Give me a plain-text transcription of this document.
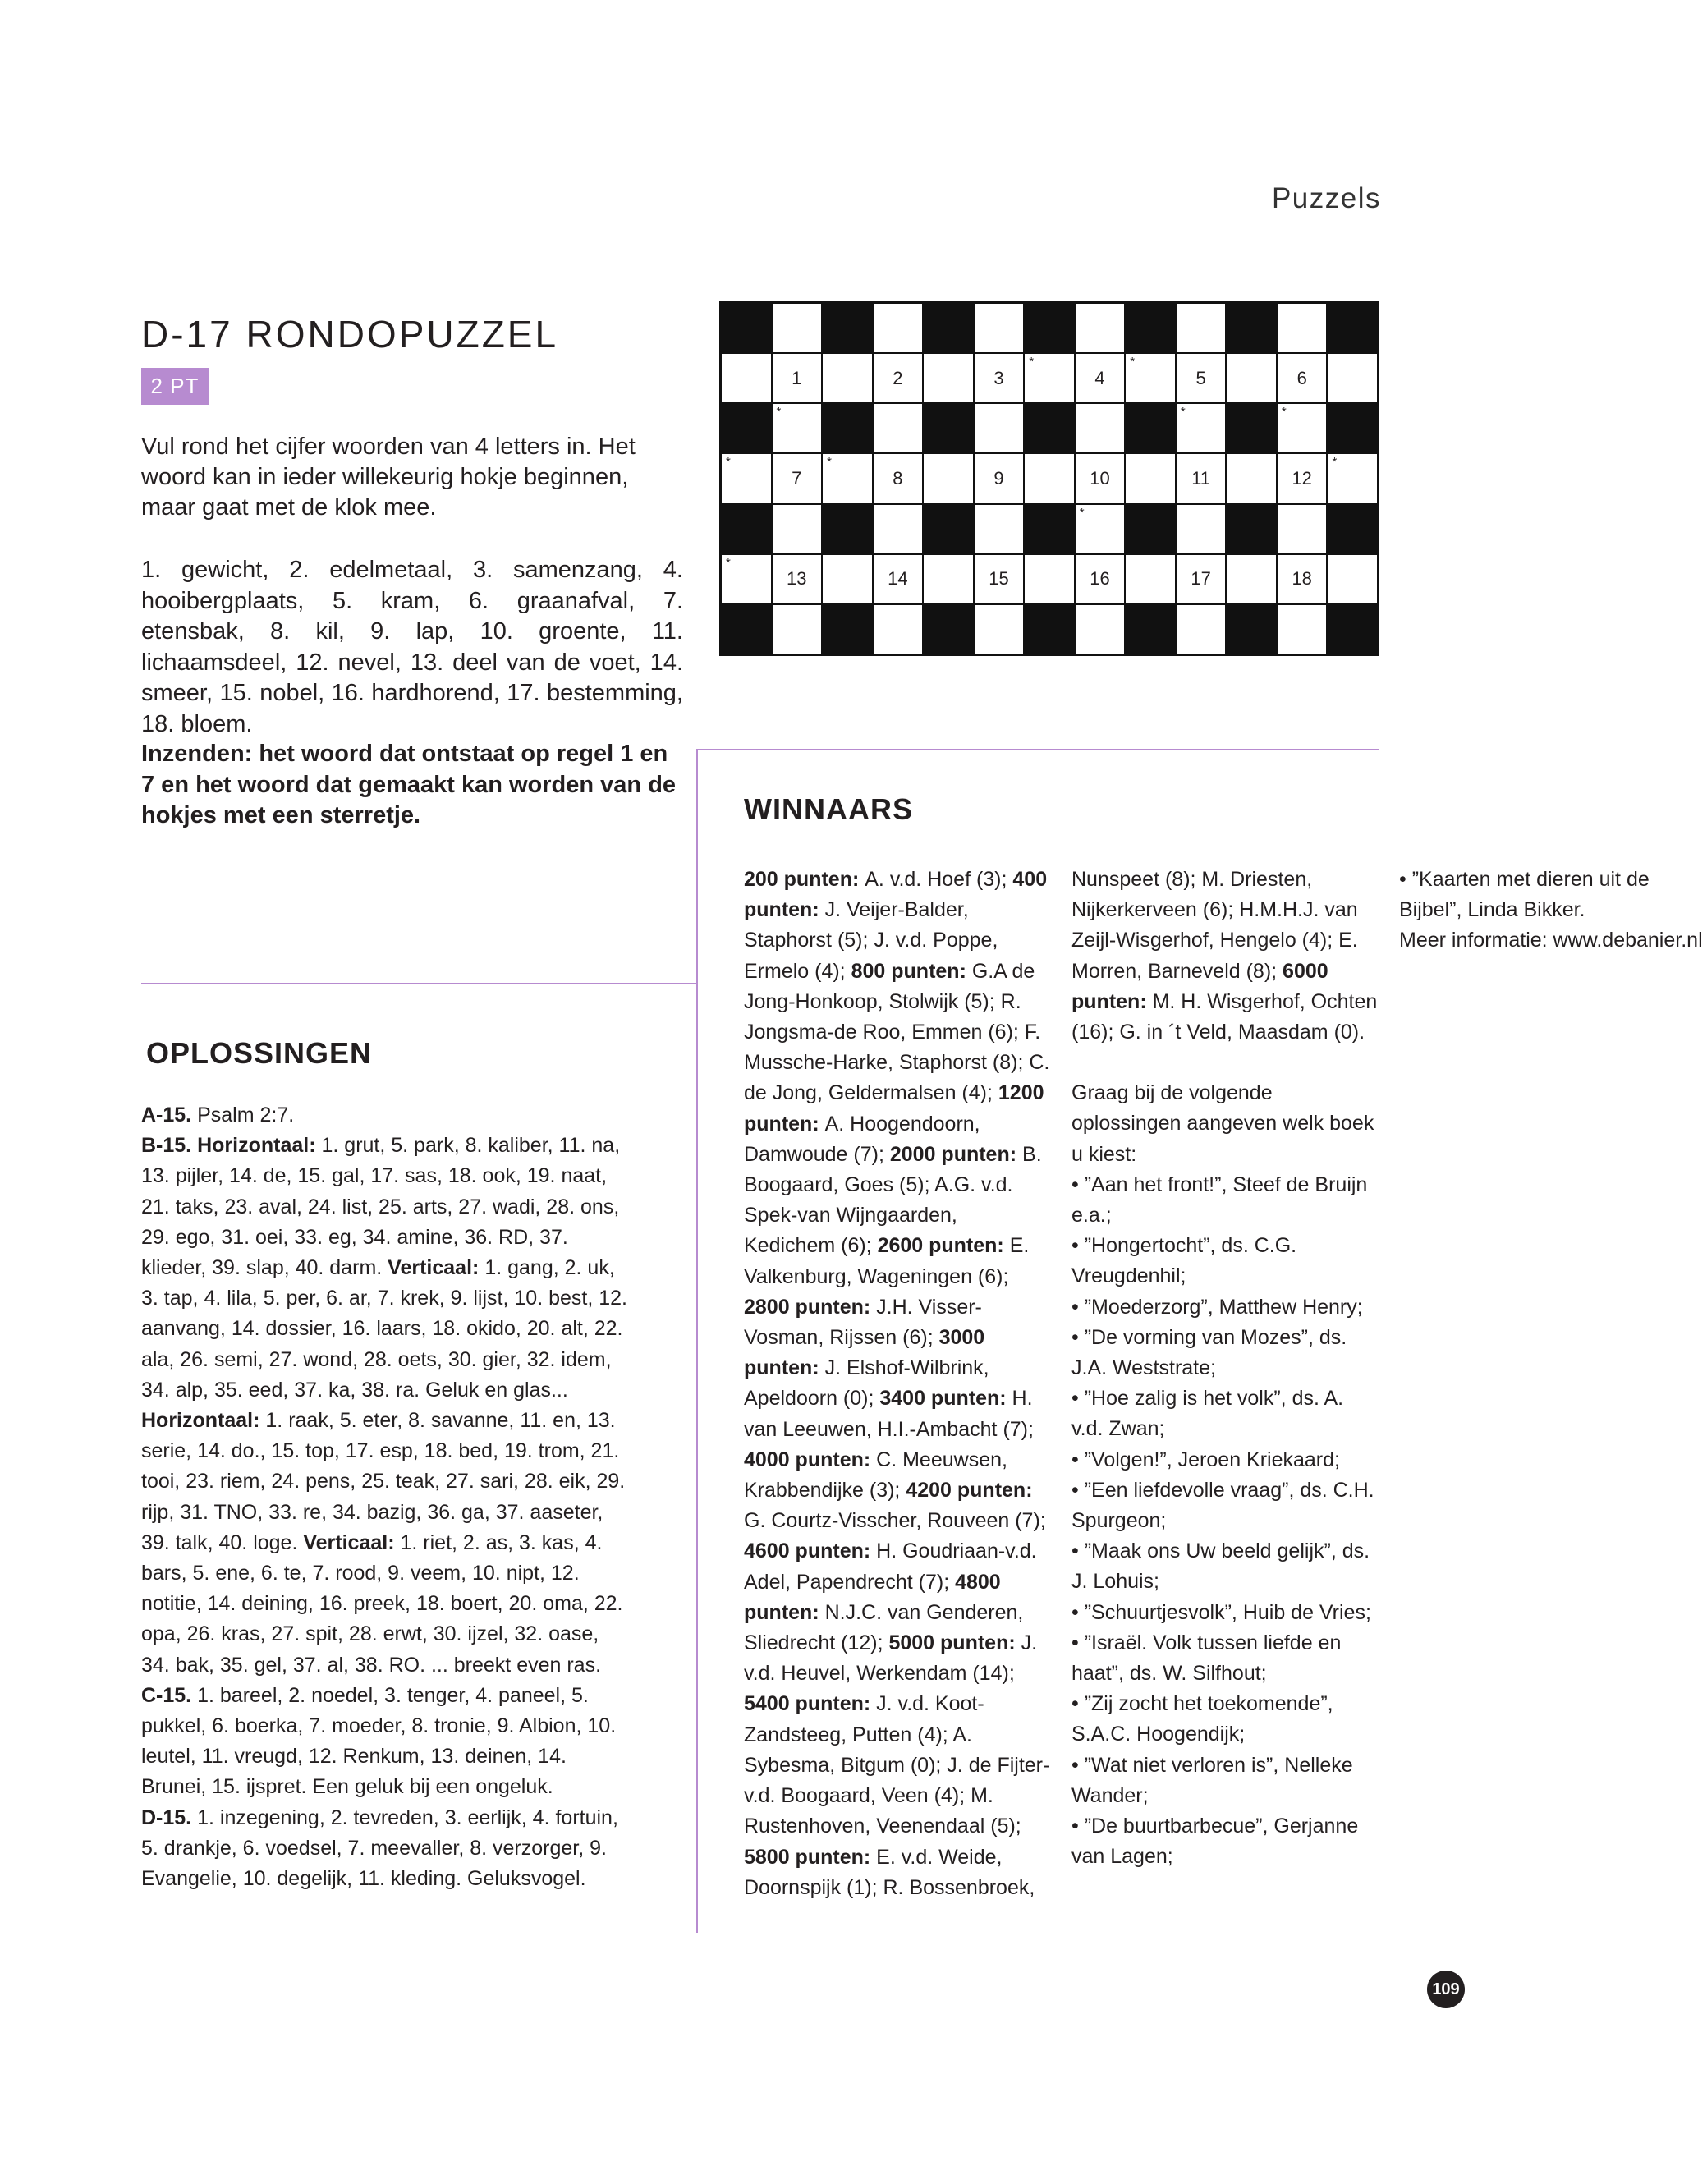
Puzzels
D-17 RONDOPUZZEL
2 PT

Vul rond het cijfer woorden van 4 letters in. Het woord kan in ieder willekeurig hokje beginnen, maar gaat met de klok mee.

1. gewicht, 2. edelmetaal, 3. samenzang, 4. hooibergplaats, 5. kram, 6. graanafval, 7. etensbak, 8. kil, 9. lap, 10. groente, 11. lichaamsdeel, 12. nevel, 13. deel van de voet, 14. smeer, 15. nobel, 16. hardhorend, 17. bestemming, 18. bloem.

Inzenden: het woord dat ontstaat op regel 1 en 7 en het woord dat gemaakt kan worden van de hokjes met een sterretje.

1	2	3
*
4
*
5	6
*	*	*
*
7
*
8	9	10	11	12
*
*
*
13	14	15	16	17	18
OPLOSSINGEN
A-15. Psalm 2:7.
B-15. Horizontaal: 1. grut, 5. park, 8. kaliber, 11. na, 13. pijler, 14. de, 15. gal, 17. sas, 18. ook, 19. naat, 21. taks, 23. aval, 24. list, 25. arts, 27. wadi, 28. ons, 29. ego, 31. oei, 33. eg, 34. amine, 36. RD, 37. klieder, 39. slap, 40. darm. Verticaal: 1. gang, 2. uk, 3. tap, 4. lila, 5. per, 6. ar, 7. krek, 9. lijst, 10. best, 12. aanvang, 14. dossier, 16. laars, 18. okido, 20. alt, 22. ala, 26. semi, 27. wond, 28. oets, 30. gier, 32. idem, 34. alp, 35. eed, 37. ka, 38. ra. Geluk en glas... Horizontaal: 1. raak, 5. eter, 8. savanne, 11. en, 13. serie, 14. do., 15. top, 17. esp, 18. bed, 19. trom, 21. tooi, 23. riem, 24. pens, 25. teak, 27. sari, 28. eik, 29. rijp, 31. TNO, 33. re, 34. bazig, 36. ga, 37. aaseter, 39. talk, 40. loge. Verticaal: 1. riet, 2. as, 3. kas, 4. bars, 5. ene, 6. te, 7. rood, 9. veem, 10. nipt, 12. notitie, 14. deining, 16. preek, 18. boert, 20. oma, 22. opa, 26. kras, 27. spit, 28. erwt, 30. ijzel, 32. oase, 34. bak, 35. gel, 37. al, 38. RO. ... breekt even ras.
C-15. 1. bareel, 2. noedel, 3. tenger, 4. paneel, 5. pukkel, 6. boerka, 7. moeder, 8. tronie, 9. Albion, 10. leutel, 11. vreugd, 12. Renkum, 13. deinen, 14. Brunei, 15. ijspret. Een geluk bij een ongeluk.
D-15. 1. inzegening, 2. tevreden, 3. eerlijk, 4. fortuin, 5. drankje, 6. voedsel, 7. meevaller, 8. verzorger, 9. Evangelie, 10. degelijk, 11. kleding. Geluksvogel.
WINNAARS

200 punten: A. v.d. Hoef (3); 400 punten: J. Veijer-Balder, Staphorst (5); J. v.d. Poppe, Ermelo (4); 800 punten: G.A de Jong-Honkoop, Stolwijk (5); R. Jongsma-de Roo, Emmen (6); F. Mussche-Harke, Staphorst (8); C. de Jong, Geldermalsen (4); 1200 punten: A. Hoogendoorn, Damwoude (7); 2000 punten: B. Boogaard, Goes (5); A.G. v.d. Spek-van Wijngaarden, Kedichem (6); 2600 punten: E. Valkenburg, Wageningen (6); 2800 punten: J.H. Visser-Vosman, Rijssen (6); 3000 punten: J. Elshof-Wilbrink, Apeldoorn (0); 3400 punten: H. van Leeuwen, H.I.-Ambacht (7); 4000 punten: C. Meeuwsen, Krabbendijke (3); 4200 punten: G. Courtz-Visscher, Rouveen (7); 4600 punten: H. Goudriaan-v.d. Adel, Papendrecht (7); 4800 punten: N.J.C. van Genderen, Sliedrecht (12); 5000 punten: J. v.d. Heuvel, Werkendam (14); 5400 punten: J. v.d. Koot-Zandsteeg, Putten (4); A. Sybesma, Bitgum (0); J. de Fijter-v.d. Boogaard, Veen (4); M. Rustenhoven, Veenendaal (5); 5800 punten: E. v.d. Weide, Doornspijk (1); R. Bossenbroek, Nunspeet (8); M. Driesten, Nijkerkerveen (6); H.M.H.J. van Zeijl-Wisgerhof, Hengelo (4); E. Morren, Barneveld (8); 6000 punten: M. H. Wisgerhof, Ochten (16); G. in ´t Veld, Maasdam (0).

Graag bij de volgende oplossingen aangeven welk boek u kiest:

• ”Aan het front!”, Steef de Bruijn e.a.;

• ”Hongertocht”, ds. C.G. Vreugdenhil;

• ”Moederzorg”, Matthew Henry;

• ”De vorming van Mozes”, ds. J.A. Weststrate;

• ”Hoe zalig is het volk”, ds. A. v.d. Zwan;

• ”Volgen!”, Jeroen Kriekaard;

• ”Een liefdevolle vraag”, ds. C.H. Spurgeon;

• ”Maak ons Uw beeld gelijk”, ds. J. Lohuis;

• ”Schuurtjesvolk”, Huib de Vries;

• ”Israël. Volk tussen liefde en haat”, ds. W. Silfhout;

• ”Zij zocht het toekomende”, S.A.C. Hoogendijk;

• ”Wat niet verloren is”, Nelleke Wander;

• ”De buurtbarbecue”, Gerjanne van Lagen;

• ”Kaarten met dieren uit de Bijbel”, Linda Bikker.

Meer informatie: www.debanier.nl

109
